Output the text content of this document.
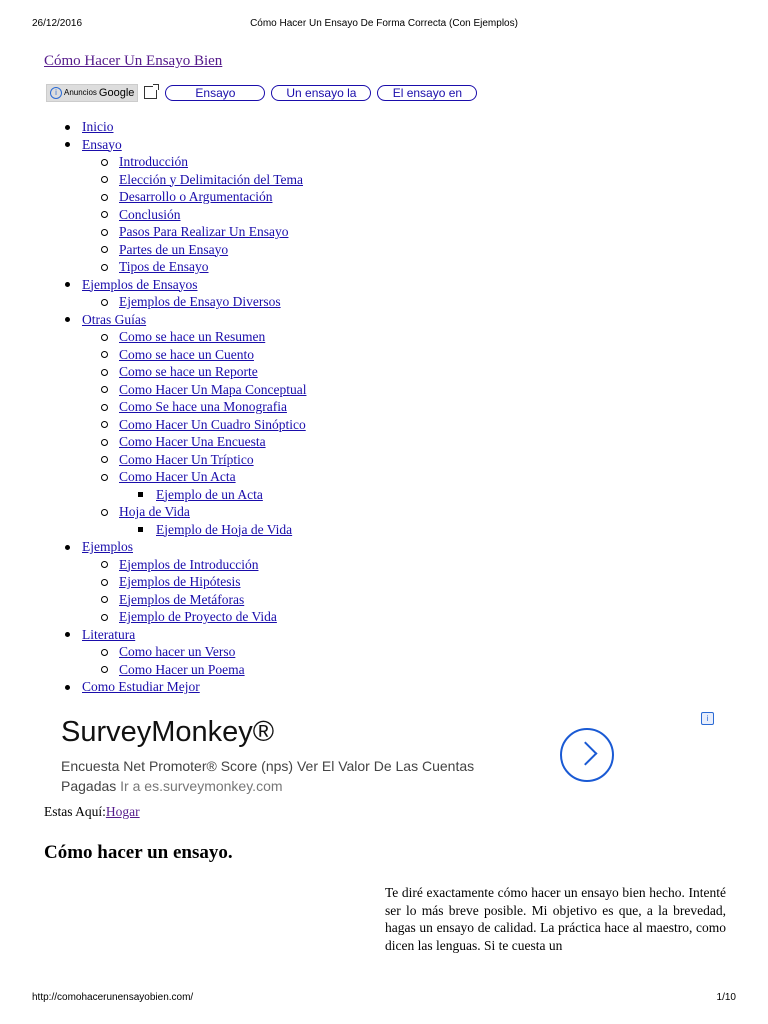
26/12/2016	Cómo Hacer Un Ensayo De Forma Correcta (Con Ejemplos)
Cómo Hacer Un Ensayo Bien
i Anuncios Google	Ensayo	Un ensayo la	El ensayo en
Inicio
Ensayo
Introducción
Elección y Delimitación del Tema
Desarrollo o Argumentación
Conclusión
Pasos Para Realizar Un Ensayo
Partes de un Ensayo
Tipos de Ensayo
Ejemplos de Ensayos
Ejemplos de Ensayo Diversos
Otras Guías
Como se hace un Resumen
Como se hace un Cuento
Como se hace un Reporte
Como Hacer Un Mapa Conceptual
Como Se hace una Monografia
Como Hacer Un Cuadro Sinóptico
Como Hacer Una Encuesta
Como Hacer Un Tríptico
Como Hacer Un Acta
Ejemplo de un Acta
Hoja de Vida
Ejemplo de Hoja de Vida
Ejemplos
Ejemplos de Introducción
Ejemplos de Hipótesis
Ejemplos de Metáforas
Ejemplo de Proyecto de Vida
Literatura
Como hacer un Verso
Como Hacer un Poema
Como Estudiar Mejor
SurveyMonkey®
Encuesta Net Promoter® Score (nps) Ver El Valor De Las Cuentas Pagadas Ir a es.surveymonkey.com
i
Estas Aquí:Hogar
Cómo hacer un ensayo.

Te diré exactamente cómo hacer un ensayo bien hecho. Intenté ser lo más breve posible. Mi objetivo es que, a la brevedad, hagas un ensayo de calidad. La práctica hace al maestro, como dicen las lenguas. Si te cuesta un

http://comohacerunensayobien.com/	1/10
